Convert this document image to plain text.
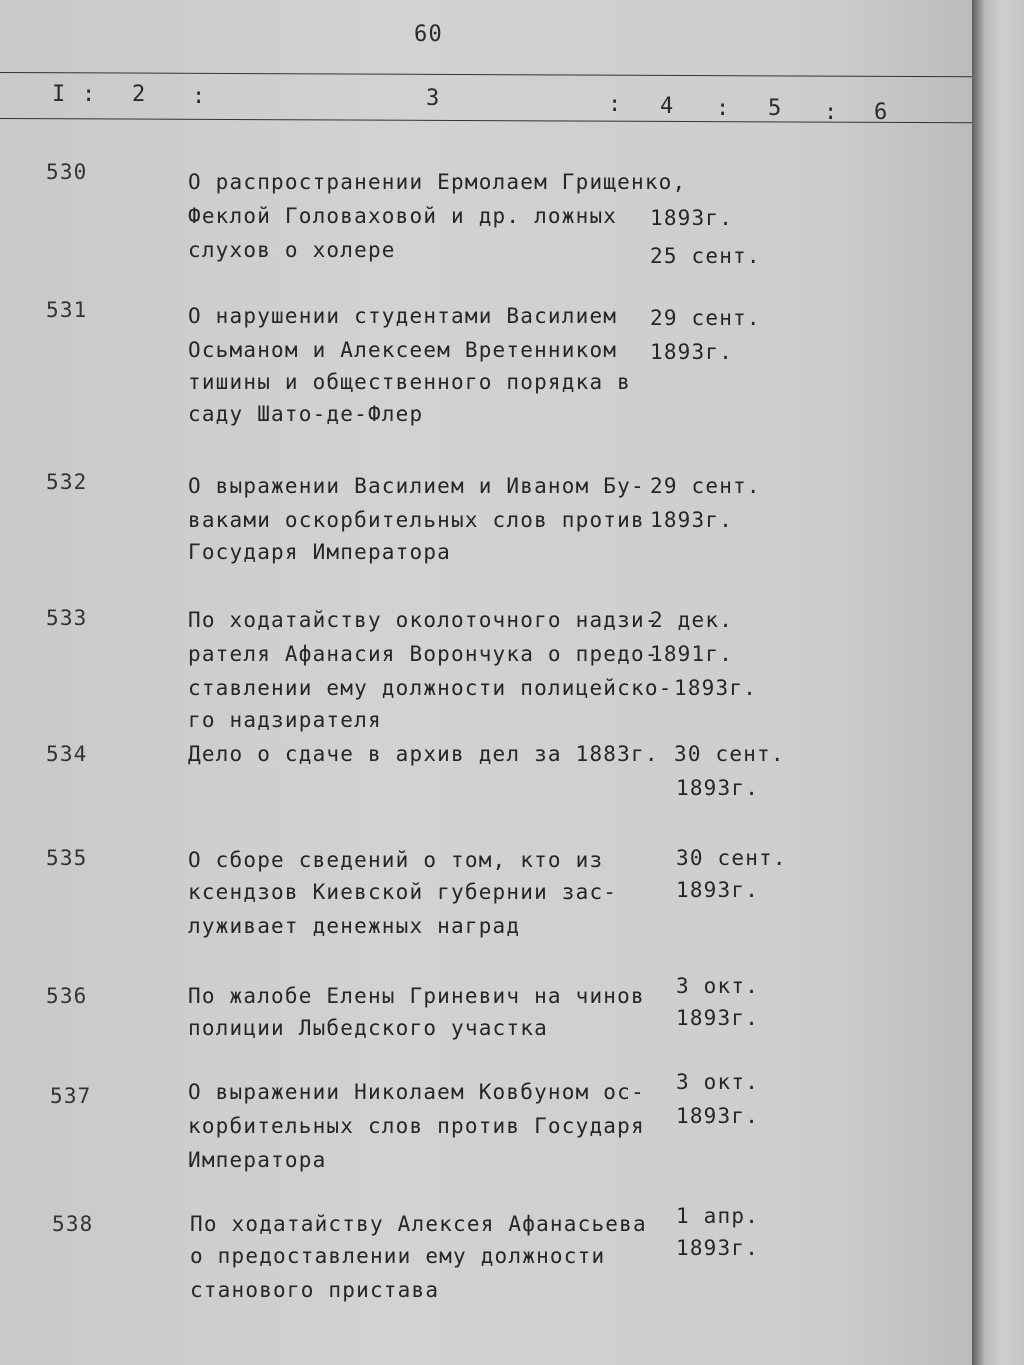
60
I : 2 :	3	: 4 : 5 : 6
530	О распространении Ермолаем Грищенко,
Феклой Головаховой и др. ложных
слухов о холере
1893г.
25 сент.
531	О нарушении студентами Василием
Осьманом и Алексеем Вретенником
тишины и общественного порядка в
саду Шато-де-Флер
29 сент.
1893г.
532	О выражении Василием и Иваном Бу-
ваками оскорбительных слов против
Государя Императора
29 сент.
1893г.
533	По ходатайству околоточного надзи-
рателя Афанасия Ворончука о предо-
ставлении ему должности полицейско-
го надзирателя
2 дек.
1891г.
1893г.
534	Дело о сдаче в архив дел за 1883г. 30 сент.
1893г.
535	О сборе сведений о том, кто из
ксендзов Киевской губернии зас-
луживает денежных наград
30 сент.
1893г.
536	По жалобе Елены Гриневич на чинов
полиции Лыбедского участка
3 окт.
1893г.
537	О выражении Николаем Ковбуном ос-
корбительных слов против Государя
Императора
3 окт.
1893г.
538	По ходатайству Алексея Афанасьева
о предоставлении ему должности
станового пристава
1 апр.
1893г.
